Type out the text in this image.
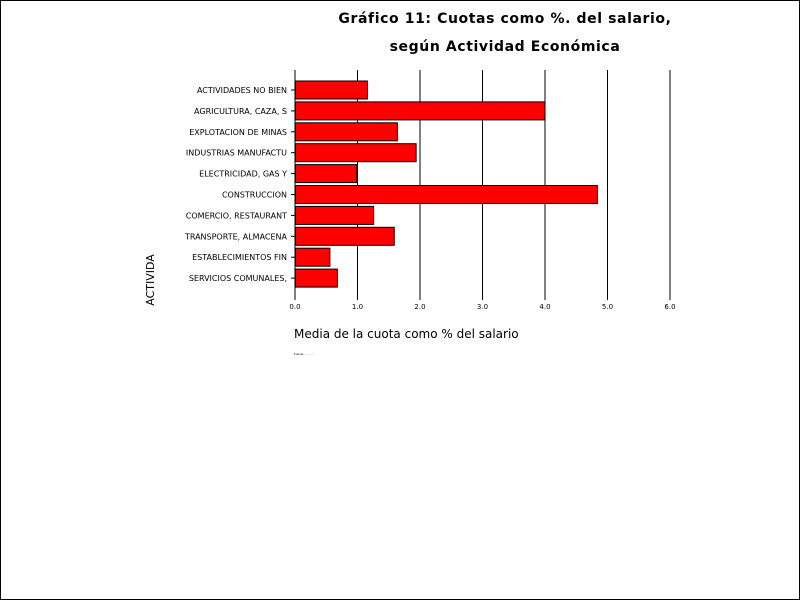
Gráfico 11: Cuotas como %. del salario,
según Actividad Económica
ACTIVIDADES NO BIEN
AGRICULTURA, CAZA, S
EXPLOTACION DE MINAS
INDUSTRIAS MANUFACTU
ELECTRICIDAD, GAS Y
CONSTRUCCION
COMERCIO, RESTAURANT
TRANSPORTE, ALMACENA
ESTABLECIMIENTOS FIN
SERVICIOS COMUNALES,
0.0	1.0	2.0	3.0	4.0	5.0	6.0
ACTIVIDA
Media de la cuota como % del salario
Fuente: ..........
